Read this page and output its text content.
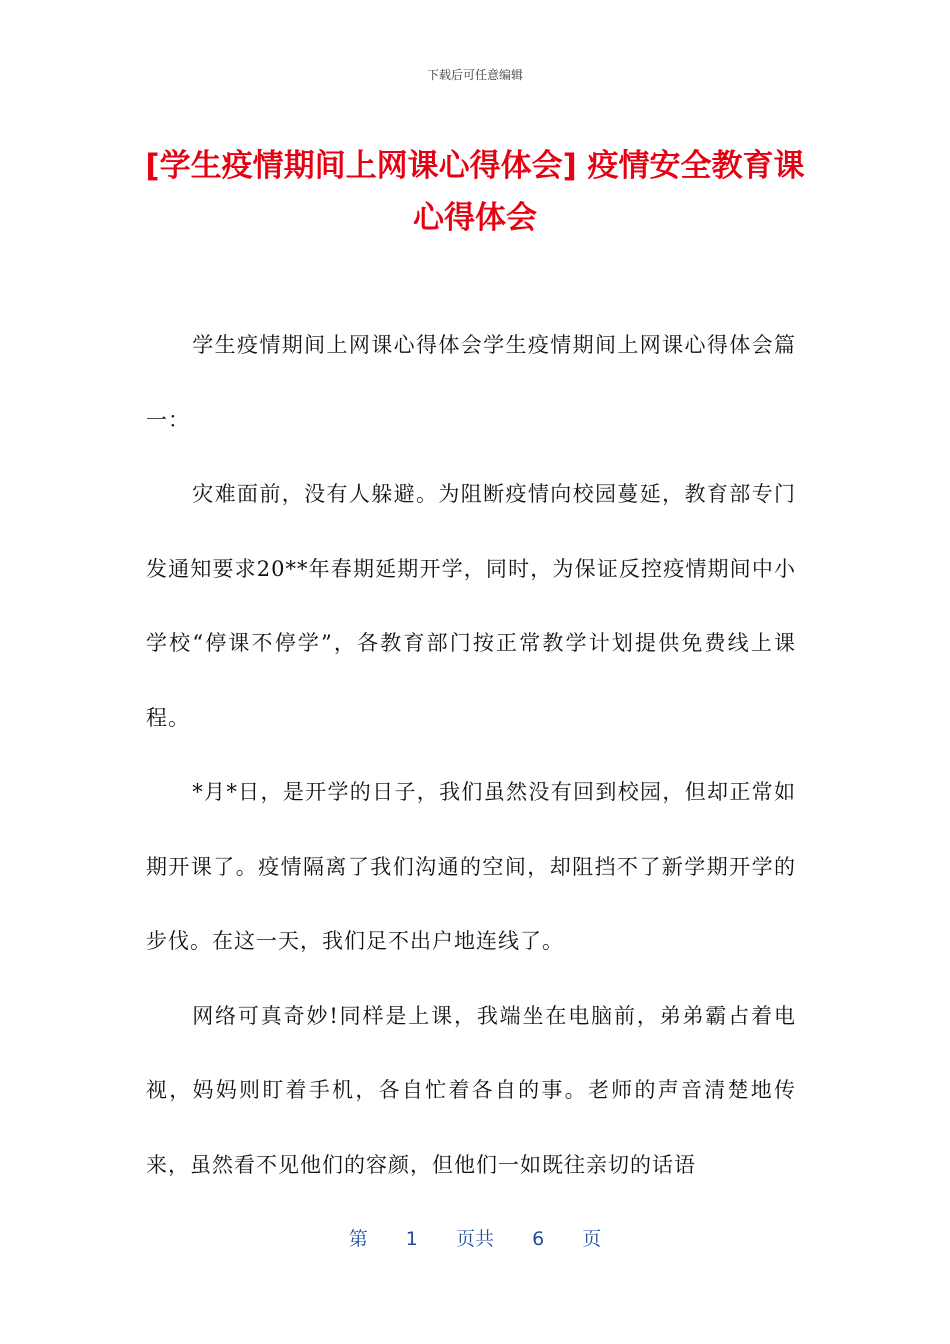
下载后可任意编辑
[学生疫情期间上网课心得体会] 疫情安全教育课心得体会

学生疫情期间上网课心得体会学生疫情期间上网课心得体会篇一：

灾难面前，没有人躲避。为阻断疫情向校园蔓延，教育部专门发通知要求20**年春期延期开学，同时，为保证反控疫情期间中小学校“停课不停学”，各教育部门按正常教学计划提供免费线上课程。

*月*日，是开学的日子，我们虽然没有回到校园，但却正常如期开课了。疫情隔离了我们沟通的空间，却阻挡不了新学期开学的步伐。在这一天，我们足不出户地连线了。

网络可真奇妙!同样是上课，我端坐在电脑前，弟弟霸占着电视，妈妈则盯着手机，各自忙着各自的事。老师的声音清楚地传来，虽然看不见他们的容颜，但他们一如既往亲切的话语

第 1 页共 6 页
